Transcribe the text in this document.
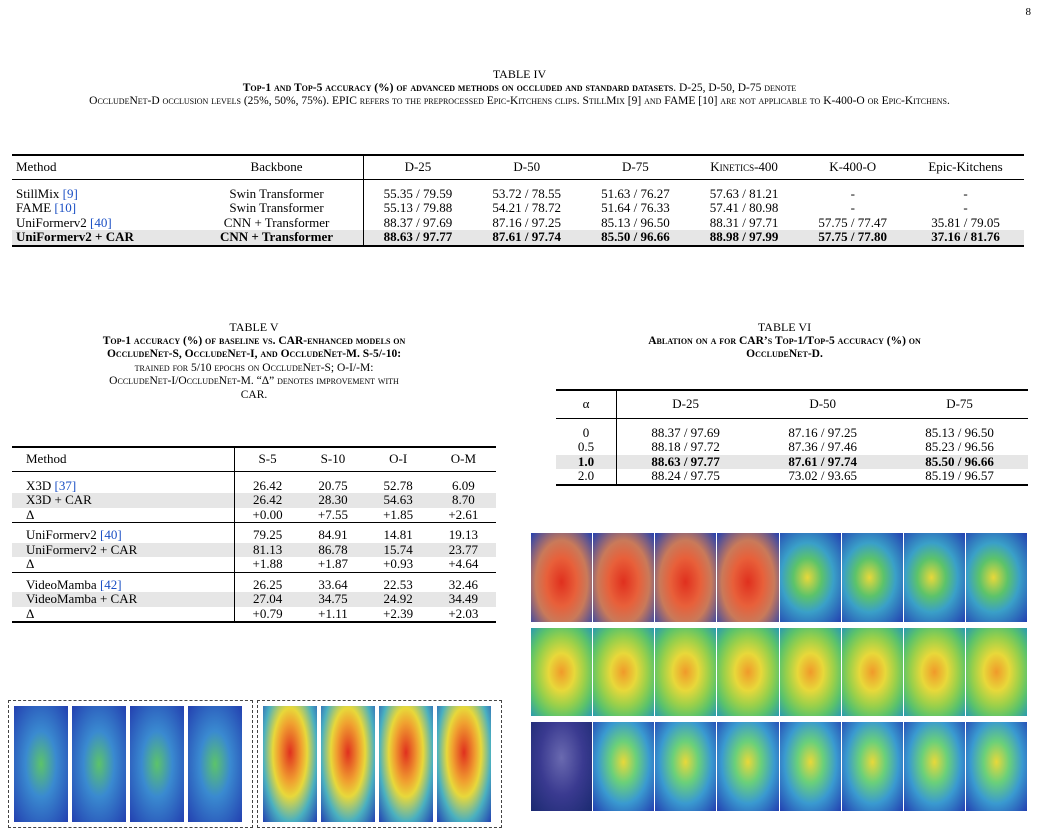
8
TABLE IV
Top-1 and Top-5 accuracy (%) of advanced methods on occluded and standard datasets. D-25, D-50, D-75 denote
OccludeNet-D occlusion levels (25%, 50%, 75%). EPIC refers to the preprocessed Epic-Kitchens clips. StillMix [9] and FAME [10] are not applicable to K-400-O or Epic-Kitchens.
Method	Backbone	D-25	D-50	D-75	Kinetics-400	K-400-O	Epic-Kitchens
StillMix [9]	Swin Transformer	55.35 / 79.59	53.72 / 78.55	51.63 / 76.27	57.63 / 81.21	-	-
FAME [10]	Swin Transformer	55.13 / 79.88	54.21 / 78.72	51.64 / 76.33	57.41 / 80.98	-	-
UniFormerv2 [40]	CNN + Transformer	88.37 / 97.69	87.16 / 97.25	85.13 / 96.50	88.31 / 97.71	57.75 / 77.47	35.81 / 79.05
UniFormerv2 + CAR	CNN + Transformer	88.63 / 97.77	87.61 / 97.74	85.50 / 96.66	88.98 / 97.99	57.75 / 77.80	37.16 / 81.76
TABLE V
Top-1 accuracy (%) of baseline vs. CAR-enhanced models on
OccludeNet-S, OccludeNet-I, and OccludeNet-M. S-5/-10:
trained for 5/10 epochs on OccludeNet-S; O-I/-M:
OccludeNet-I/OccludeNet-M. “Δ” denotes improvement with
CAR.
Method	S-5	S-10	O-I	O-M
X3D [37]	26.42	20.75	52.78	6.09
X3D + CAR	26.42	28.30	54.63	8.70
Δ	+0.00	+7.55	+1.85	+2.61
UniFormerv2 [40]	79.25	84.91	14.81	19.13
UniFormerv2 + CAR	81.13	86.78	15.74	23.77
Δ	+1.88	+1.87	+0.93	+4.64
VideoMamba [42]	26.25	33.64	22.53	32.46
VideoMamba + CAR	27.04	34.75	24.92	34.49
Δ	+0.79	+1.11	+2.39	+2.03
TABLE VI
Ablation on α for CAR’s Top-1/Top-5 accuracy (%) on
OccludeNet-D.
α	D-25	D-50	D-75
0	88.37 / 97.69	87.16 / 97.25	85.13 / 96.50
0.5	88.18 / 97.72	87.36 / 97.46	85.23 / 96.56
1.0	88.63 / 97.77	87.61 / 97.74	85.50 / 96.66
2.0	88.24 / 97.75	73.02 / 93.65	85.19 / 96.57
